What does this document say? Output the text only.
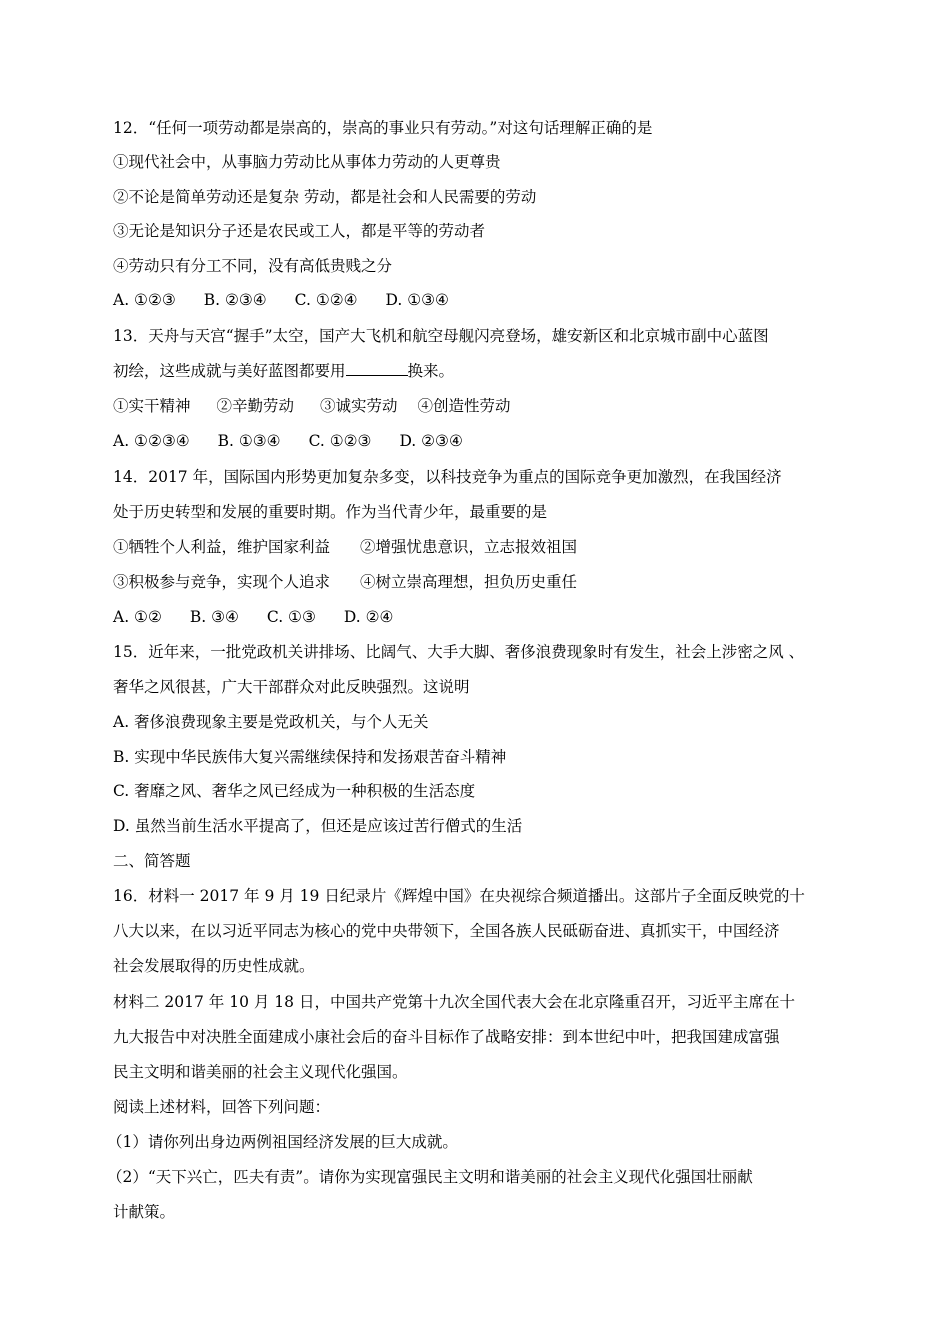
12．“任何一项劳动都是崇高的，崇高的事业只有劳动。”对这句话理解正确的是
①现代社会中，从事脑力劳动比从事体力劳动的人更尊贵
②不论是简单劳动还是复杂 劳动，都是社会和人民需要的劳动
③无论是知识分子还是农民或工人，都是平等的劳动者
④劳动只有分工不同，没有高低贵贱之分
A. ①②③ B. ②③④ C. ①②④ D. ①③④
13．天舟与天宫“握手”太空，国产大飞机和航空母舰闪亮登场，雄安新区和北京城市副中心蓝图
初绘，这些成就与美好蓝图都要用	换来。
①实干精神 ②辛勤劳动 ③诚实劳动 ④创造性劳动
A. ①②③④ B. ①③④ C. ①②③ D. ②③④
14．2017 年，国际国内形势更加复杂多变，以科技竞争为重点的国际竞争更加激烈，在我国经济
处于历史转型和发展的重要时期。作为当代青少年，最重要的是
①牺牲个人利益，维护国家利益 ②增强忧患意识，立志报效祖国
③积极参与竞争，实现个人追求 ④树立崇高理想，担负历史重任
A. ①② B. ③④ C. ①③ D. ②④
15．近年来，一批党政机关讲排场、比阔气、大手大脚、奢侈浪费现象时有发生，社会上涉密之风 、
奢华之风很甚，广大干部群众对此反映强烈。这说明
A. 奢侈浪费现象主要是党政机关，与个人无关
B. 实现中华民族伟大复兴需继续保持和发扬艰苦奋斗精神
C. 奢靡之风、奢华之风已经成为一种积极的生活态度
D. 虽然当前生活水平提高了，但还是应该过苦行僧式的生活
二、简答题
16．材料一 2017 年 9 月 19 日纪录片《辉煌中国》在央视综合频道播出。这部片子全面反映党的十
八大以来，在以习近平同志为核心的党中央带领下，全国各族人民砥砺奋进、真抓实干，中国经济
社会发展取得的历史性成就。
材料二 2017 年 10 月 18 日，中国共产党第十九次全国代表大会在北京隆重召开，习近平主席在十
九大报告中对决胜全面建成小康社会后的奋斗目标作了战略安排：到本世纪中叶，把我国建成富强
民主文明和谐美丽的社会主义现代化强国。
阅读上述材料，回答下列问题：
（1）请你列出身边两例祖国经济发展的巨大成就。
（2）“天下兴亡，匹夫有责”。请你为实现富强民主文明和谐美丽的社会主义现代化强国壮丽献
计献策。
